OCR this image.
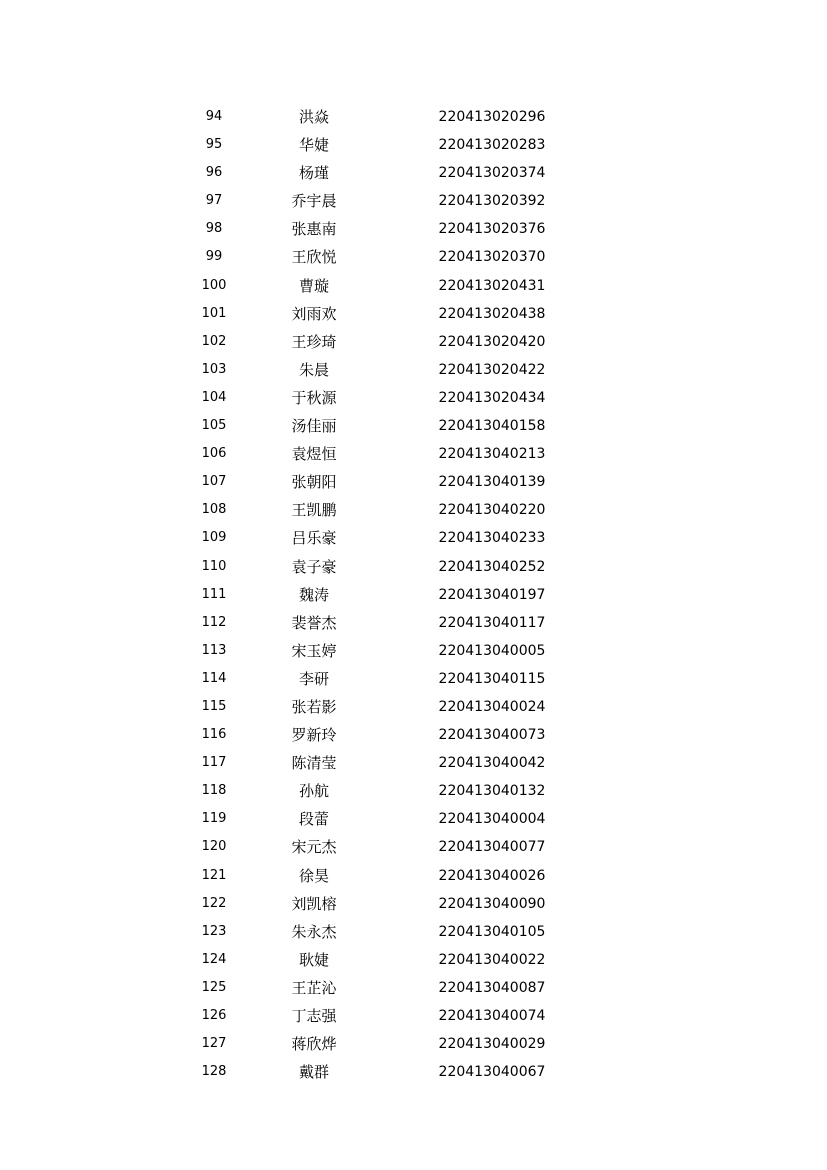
94	洪焱	220413020296
95	华婕	220413020283
96	杨瑾	220413020374
97	乔宇晨	220413020392
98	张惠南	220413020376
99	王欣悦	220413020370
100	曹璇	220413020431
101	刘雨欢	220413020438
102	王珍琦	220413020420
103	朱晨	220413020422
104	于秋源	220413020434
105	汤佳丽	220413040158
106	袁煜恒	220413040213
107	张朝阳	220413040139
108	王凯鹏	220413040220
109	吕乐豪	220413040233
110	袁子豪	220413040252
111	魏涛	220413040197
112	裴誉杰	220413040117
113	宋玉婷	220413040005
114	李研	220413040115
115	张若影	220413040024
116	罗新玲	220413040073
117	陈清莹	220413040042
118	孙航	220413040132
119	段蕾	220413040004
120	宋元杰	220413040077
121	徐昊	220413040026
122	刘凯榕	220413040090
123	朱永杰	220413040105
124	耿婕	220413040022
125	王芷沁	220413040087
126	丁志强	220413040074
127	蒋欣烨	220413040029
128	戴群	220413040067
